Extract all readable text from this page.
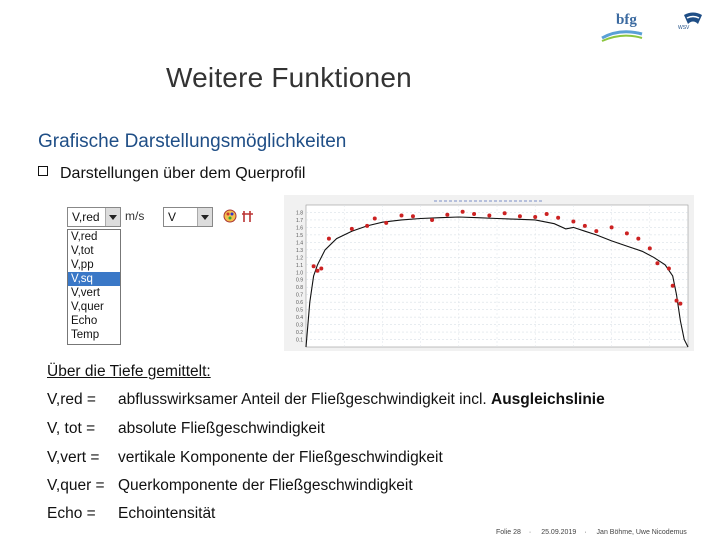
bfg	WSV
Weitere Funktionen
Grafische Darstellungsmöglichkeiten
Darstellungen über dem Querprofil
V,red m/s V
V,red
V,tot
V,pp
V,sq
V,vert
V,quer
Echo
Temp
1.8
1.7
1.6
1.5
1.4
1.3
1.2
1.1
1.0
0.9
0.8
0.7
0.6
0.5
0.4
0.3
0.2
0.1
Über die Tiefe gemittelt:
V,red = abflusswirksamer Anteil der Fließgeschwindigkeit incl. Ausgleichslinie
V, tot = absolute Fließgeschwindigkeit
V,vert = vertikale Komponente der Fließgeschwindigkeit
V,quer = Querkomponente der Fließgeschwindigkeit
Echo = Echointensität
Folie 28 · 25.09.2019 · Jan Böhme, Uwe Nicodemus
